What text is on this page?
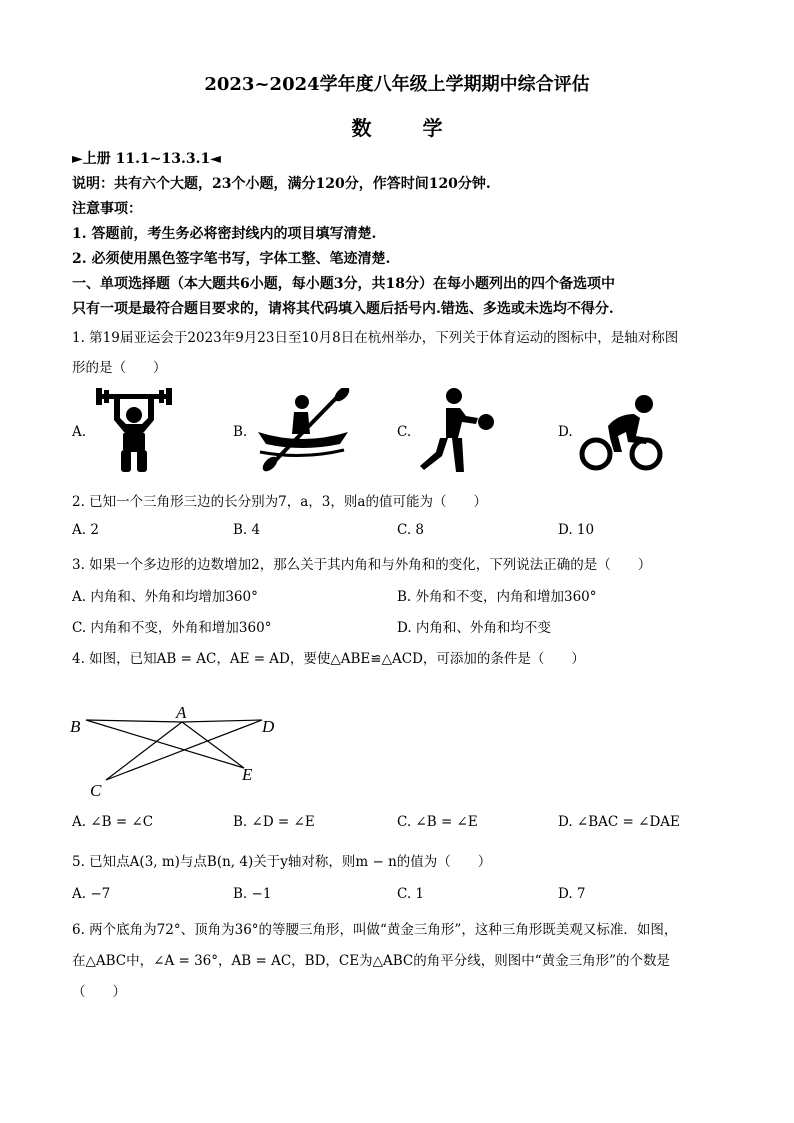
2023~2024学年度八年级上学期期中综合评估
数 学
►上册 11.1~13.3.1◄
说明：共有六个大题，23个小题，满分120分，作答时间120分钟.
注意事项：
1. 答题前，考生务必将密封线内的项目填写清楚.
2. 必须使用黑色签字笔书写，字体工整、笔迹清楚.
一、单项选择题（本大题共6小题，每小题3分，共18分）在每小题列出的四个备选项中
只有一项是最符合题目要求的，请将其代码填入题后括号内.错选、多选或未选均不得分.
1. 第19届亚运会于2023年9月23日至10月8日在杭州举办，下列关于体育运动的图标中，是轴对称图
形的是（　　）
A.	B.	C.	D.
2. 已知一个三角形三边的长分别为7，a，3，则a的值可能为（　　）
A. 2	B. 4	C. 8	D. 10
3. 如果一个多边形的边数增加2，那么关于其内角和与外角和的变化，下列说法正确的是（　　）
A. 内角和、外角和均增加360°	B. 外角和不变，内角和增加360°
C. 内角和不变，外角和增加360°	D. 内角和、外角和均不变
4. 如图，已知AB = AC，AE = AD，要使△ABE≌△ACD，可添加的条件是（　　）
B
A
D
E
C
A. ∠B = ∠C	B. ∠D = ∠E	C. ∠B = ∠E	D. ∠BAC = ∠DAE
5. 已知点A(3, m)与点B(n, 4)关于y轴对称，则m − n的值为（　　）
A. −7	B. −1	C. 1	D. 7
6. 两个底角为72°、顶角为36°的等腰三角形，叫做“黄金三角形”，这种三角形既美观又标准．如图，
在△ABC中，∠A = 36°，AB = AC，BD，CE为△ABC的角平分线，则图中“黄金三角形”的个数是
（　　）
